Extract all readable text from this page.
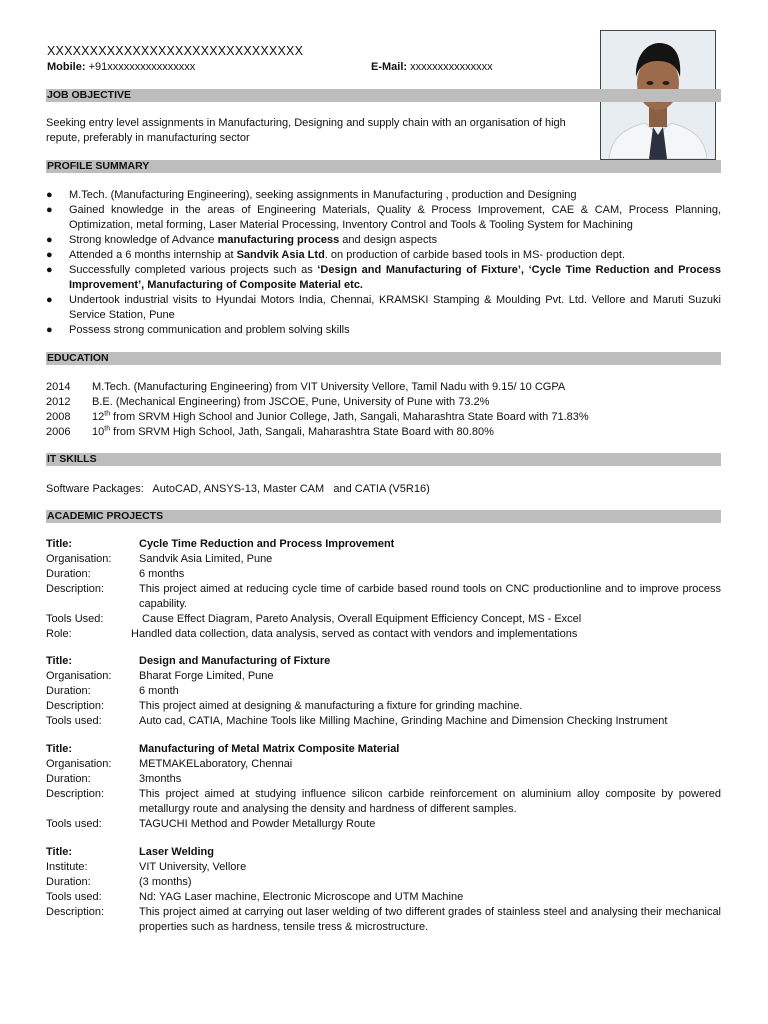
XXXXXXXXXXXXXXXXXXXXXXXXXXXXXX
Mobile: +91xxxxxxxxxxxxxxxx	E-Mail: xxxxxxxxxxxxxxx
JOB OBJECTIVE
Seeking entry level assignments in Manufacturing, Designing and supply chain with an organisation of high repute, preferably in manufacturing sector
PROFILE SUMMARY
● M.Tech. (Manufacturing Engineering), seeking assignments in Manufacturing , production and Designing
● Gained knowledge in the areas of Engineering Materials, Quality & Process Improvement, CAE & CAM, Process Planning, Optimization, metal forming, Laser Material Processing, Inventory Control and Tools & Tooling System for Machining
● Strong knowledge of Advance manufacturing process and design aspects
● Attended a 6 months internship at Sandvik Asia Ltd. on production of carbide based tools in MS- production dept.
● Successfully completed various projects such as ‘Design and Manufacturing of Fixture’, ‘Cycle Time Reduction and Process Improvement’, Manufacturing of Composite Material etc.
● Undertook industrial visits to Hyundai Motors India, Chennai, KRAMSKI Stamping & Moulding Pvt. Ltd. Vellore and Maruti Suzuki Service Station, Pune
● Possess strong communication and problem solving skills
EDUCATION
2014 M.Tech. (Manufacturing Engineering) from VIT University Vellore, Tamil Nadu with 9.15/ 10 CGPA
2012 B.E. (Mechanical Engineering) from JSCOE, Pune, University of Pune with 73.2%
2008 12th from SRVM High School and Junior College, Jath, Sangali, Maharashtra State Board with 71.83%
2006 10th from SRVM High School, Jath, Sangali, Maharashtra State Board with 80.80%
IT SKILLS
Software Packages:   AutoCAD, ANSYS-13, Master CAM   and CATIA (V5R16)
ACADEMIC PROJECTS
Title:	Cycle Time Reduction and Process Improvement
Organisation:	Sandvik Asia Limited, Pune
Duration:	6 months
Description:	This project aimed at reducing cycle time of carbide based round tools on CNC productionline and to improve process capability.
Tools Used:	Cause Effect Diagram, Pareto Analysis, Overall Equipment Efficiency Concept, MS - Excel
Role:	Handled data collection, data analysis, served as contact with vendors and implementations
Title:	Design and Manufacturing of Fixture
Organisation:	Bharat Forge Limited, Pune
Duration:	6 month
Description:	This project aimed at designing & manufacturing a fixture for grinding machine.
Tools used:	Auto cad, CATIA, Machine Tools like Milling Machine, Grinding Machine and Dimension Checking Instrument
Title:	Manufacturing of Metal Matrix Composite Material
Organisation:	METMAKELaboratory, Chennai
Duration:	3months
Description:	This project aimed at studying influence silicon carbide reinforcement on aluminium alloy composite by powered metallurgy route and analysing the density and hardness of different samples.
Tools used:	TAGUCHI Method and Powder Metallurgy Route
Title:	Laser Welding
Institute:	VIT University, Vellore
Duration:	(3 months)
Tools used:	Nd: YAG Laser machine, Electronic Microscope and UTM Machine
Description:	This project aimed at carrying out laser welding of two different grades of stainless steel and analysing their mechanical properties such as hardness, tensile tress & microstructure.
